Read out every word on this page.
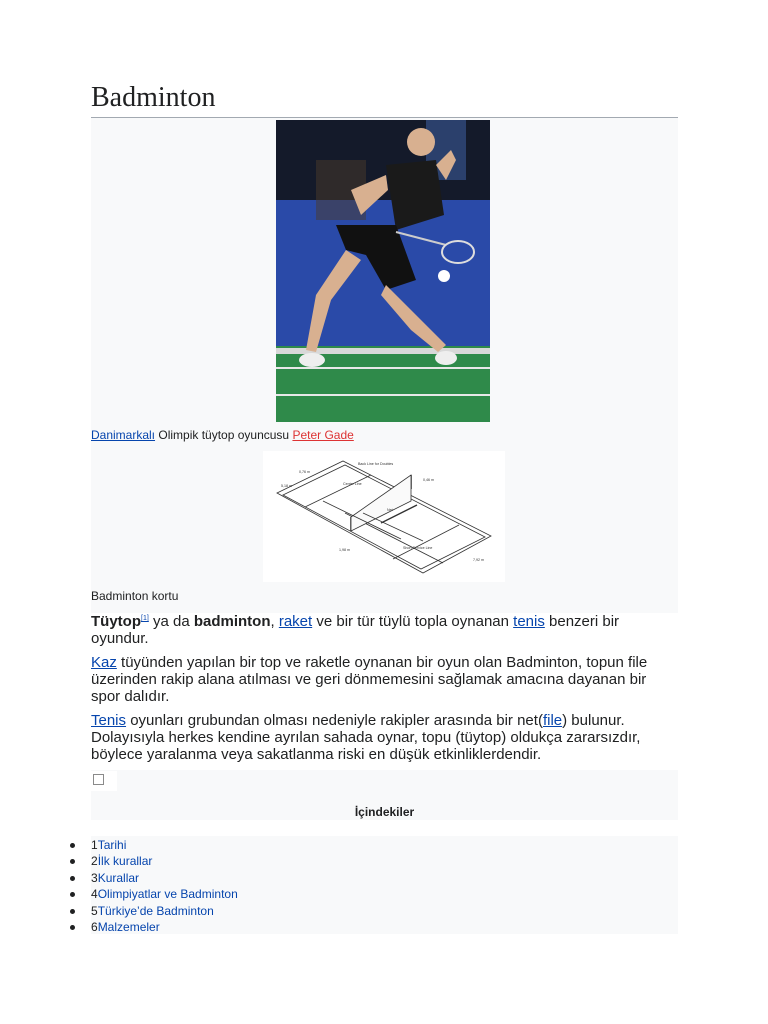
Badminton
Danimarkalı Olimpik tüytop oyuncusu Peter Gade
5,18 m
0,76 m
Center Line
Back Line for Doubles
Short Service Line
1,98 m
7,92 m
Net
0,46 m
Badminton kortu

Tüytop[1] ya da badminton, raket ve bir tür tüylü topla oynanan tenis benzeri bir oyundur.

Kaz tüyünden yapılan bir top ve raketle oynanan bir oyun olan Badminton, topun file üzerinden rakip alana atılması ve geri dönmemesini sağlamak amacına dayanan bir spor dalıdır.

Tenis oyunları grubundan olması nedeniyle rakipler arasında bir net(file) bulunur. Dolayısıyla herkes kendine ayrılan sahada oynar, topu (tüytop) oldukça zararsızdır, böylece yaralanma veya sakatlanma riski en düşük etkinliklerdendir.

İçindekiler
1Tarihi
2İlk kurallar
3Kurallar
4Olimpiyatlar ve Badminton
5Türkiye’de Badminton
6Malzemeler
